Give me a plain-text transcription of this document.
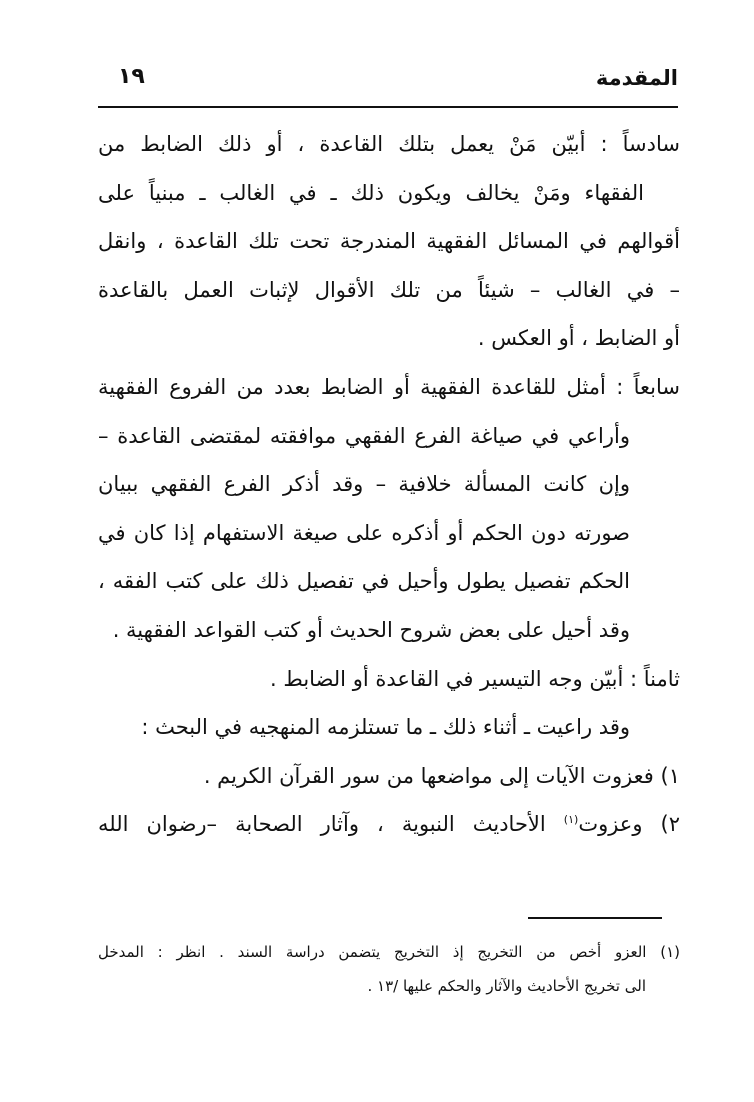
المقدمة
١٩
سادساً : أبيّن مَنْ يعمل بتلك القاعدة ، أو ذلك الضابط من
الفقهاء ومَنْ يخالف ويكون ذلك ـ في الغالب ـ مبنياً على
أقوالهم في المسائل الفقهية المندرجة تحت تلك القاعدة ، وانقل
– في الغالب – شيئاً من تلك الأقوال لإثبات العمل بالقاعدة
أو الضابط ، أو العكس .
سابعاً : أمثل للقاعدة الفقهية أو الضابط بعدد من الفروع الفقهية
وأراعي في صياغة الفرع الفقهي موافقته لمقتضى القاعدة –
وإن كانت المسألة خلافية – وقد أذكر الفرع الفقهي ببيان
صورته دون الحكم أو أذكره على صيغة الاستفهام إذا كان في
الحكم تفصيل يطول وأحيل في تفصيل ذلك على كتب الفقه ،
وقد أحيل على بعض شروح الحديث أو كتب القواعد الفقهية .
ثامناً : أبيّن وجه التيسير في القاعدة أو الضابط .
وقد راعيت ـ أثناء ذلك ـ ما تستلزمه المنهجيه في البحث :
١) فعزوت الآيات إلى مواضعها من سور القرآن الكريم .
٢) وعزوت$^{(١)}$ الأحاديث النبوية ، وآثار الصحابة –رضوان الله
(١) العزو أخص من التخريج إذ التخريج يتضمن دراسة السند . انظر : المدخل
الى تخريج الأحاديث والآثار والحكم عليها /١٣ .
